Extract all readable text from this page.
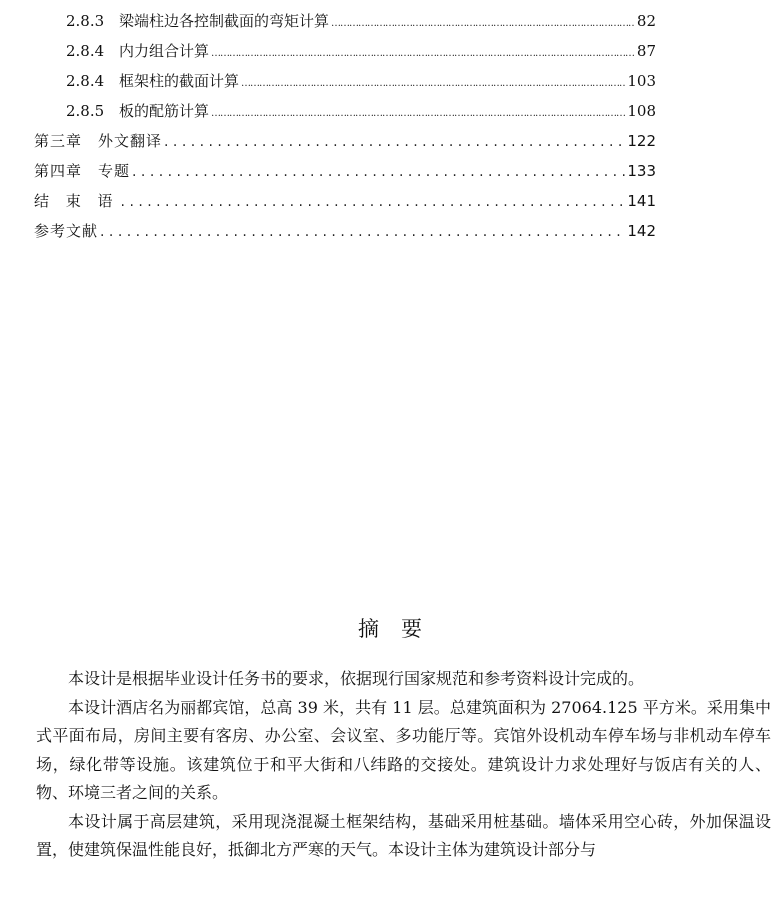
2.8.3 梁端柱边各控制截面的弯矩计算 ……………………………………………………………………………………………………………………………………………………………………	82
2.8.4 内力组合计算 ……………………………………………………………………………………………………………………………………………………………………	87
2.8.4 框架柱的截面计算 ……………………………………………………………………………………………………………………………………………………………………	103
2.8.5 板的配筋计算 ……………………………………………………………………………………………………………………………………………………………………	108
第三章　外文翻译 . . .	122
第四章　专题 . . .	133
结 束 语 . . .	141
参考文献 . . .	142
摘要

本设计是根据毕业设计任务书的要求，依据现行国家规范和参考资料设计完成的。

本设计酒店名为丽都宾馆，总高 39 米，共有 11 层。总建筑面积为 27064.125 平方米。采用集中式平面布局，房间主要有客房、办公室、会议室、多功能厅等。宾馆外设机动车停车场与非机动车停车场，绿化带等设施。该建筑位于和平大街和八纬路的交接处。建筑设计力求处理好与饭店有关的人、物、环境三者之间的关系。

本设计属于高层建筑，采用现浇混凝土框架结构，基础采用桩基础。墙体采用空心砖，外加保温设置，使建筑保温性能良好，抵御北方严寒的天气。本设计主体为建筑设计部分与
